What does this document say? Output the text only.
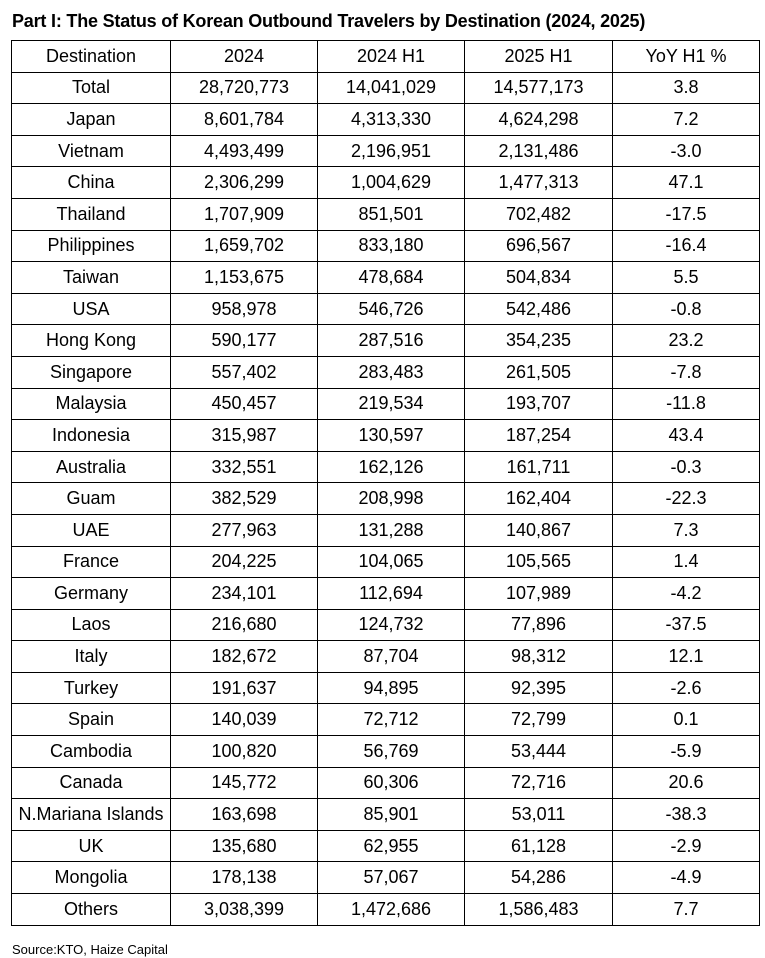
Part I: The Status of Korean Outbound Travelers by Destination (2024, 2025)
Destination	2024	2024 H1	2025 H1	YoY H1 %
Total	28,720,773	14,041,029	14,577,173	3.8
Japan	8,601,784	4,313,330	4,624,298	7.2
Vietnam	4,493,499	2,196,951	2,131,486	-3.0
China	2,306,299	1,004,629	1,477,313	47.1
Thailand	1,707,909	851,501	702,482	-17.5
Philippines	1,659,702	833,180	696,567	-16.4
Taiwan	1,153,675	478,684	504,834	5.5
USA	958,978	546,726	542,486	-0.8
Hong Kong	590,177	287,516	354,235	23.2
Singapore	557,402	283,483	261,505	-7.8
Malaysia	450,457	219,534	193,707	-11.8
Indonesia	315,987	130,597	187,254	43.4
Australia	332,551	162,126	161,711	-0.3
Guam	382,529	208,998	162,404	-22.3
UAE	277,963	131,288	140,867	7.3
France	204,225	104,065	105,565	1.4
Germany	234,101	112,694	107,989	-4.2
Laos	216,680	124,732	77,896	-37.5
Italy	182,672	87,704	98,312	12.1
Turkey	191,637	94,895	92,395	-2.6
Spain	140,039	72,712	72,799	0.1
Cambodia	100,820	56,769	53,444	-5.9
Canada	145,772	60,306	72,716	20.6
N.Mariana Islands	163,698	85,901	53,011	-38.3
UK	135,680	62,955	61,128	-2.9
Mongolia	178,138	57,067	54,286	-4.9
Others	3,038,399	1,472,686	1,586,483	7.7
Source:KTO, Haize Capital
